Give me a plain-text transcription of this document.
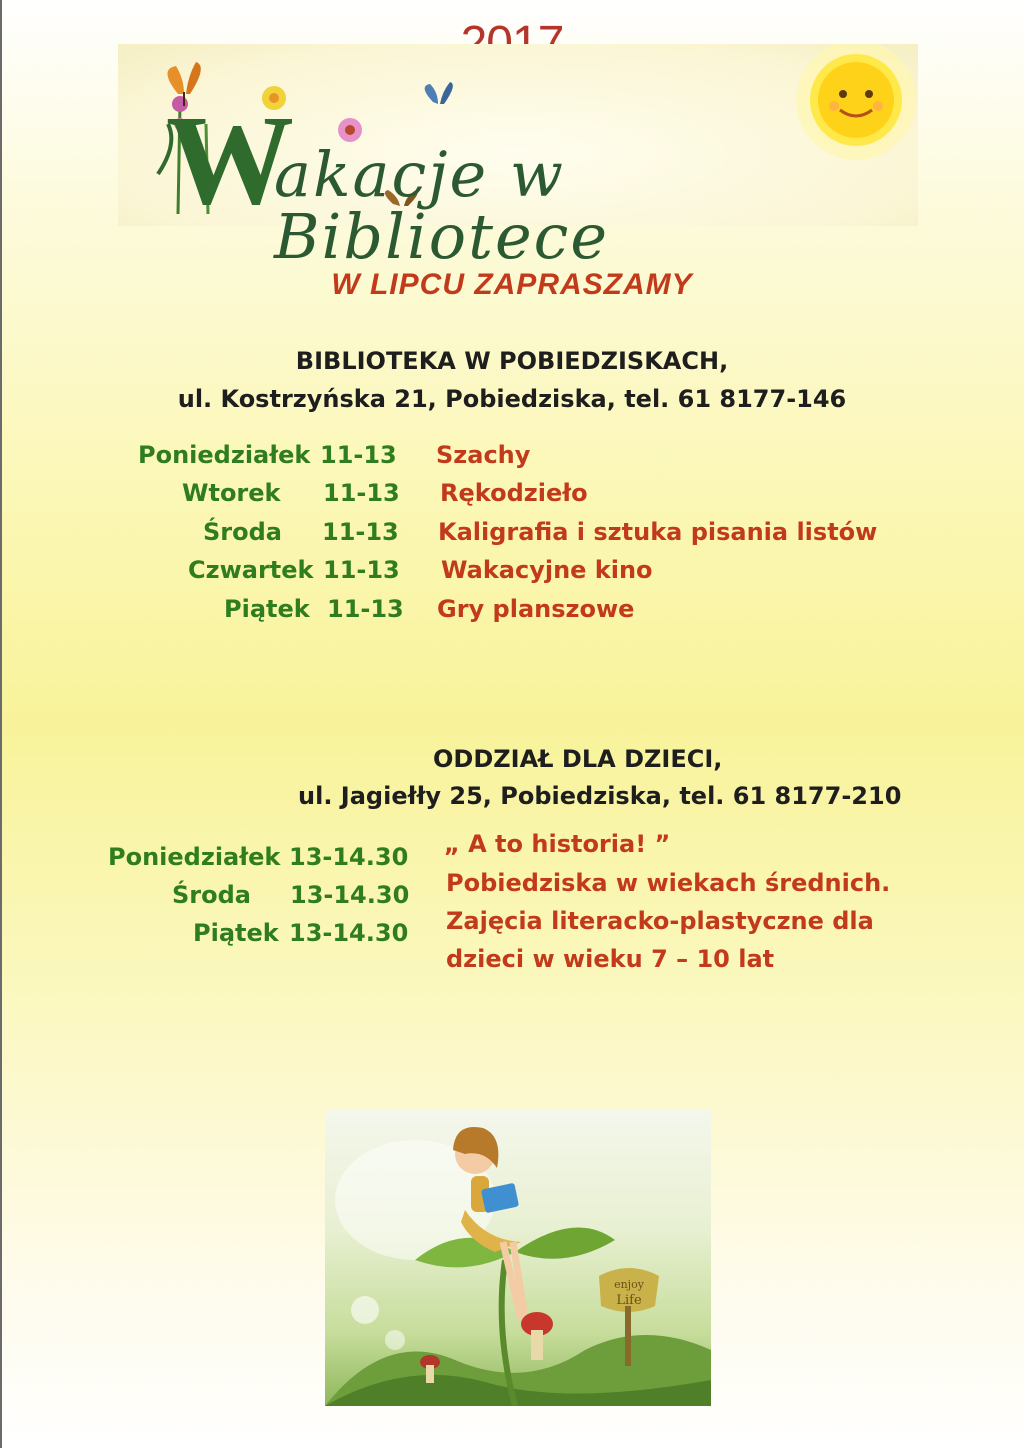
W
akacje w Bibliotece
W LIPCU ZAPRASZAMY
BIBLIOTEKA W POBIEDZISKACH,
ul. Kostrzyńska 21, Pobiedziska, tel. 61 8177-146
Poniedziałek 11-13 Szachy
Wtorek 11-13 Rękodzieło
Środa 11-13 Kaligrafia i sztuka pisania listów
Czwartek 11-13 Wakacyjne kino
Piątek 11-13 Gry planszowe
ODDZIAŁ DLA DZIECI,
ul. Jagiełły 25, Pobiedziska, tel. 61 8177-210
Poniedziałek 13-14.30
Środa 13-14.30
Piątek 13-14.30
„ A to historia! ”
Pobiedziska w wiekach średnich.
Zajęcia literacko-plastyczne dla
dzieci w wieku 7 – 10 lat
enjoy
Life
